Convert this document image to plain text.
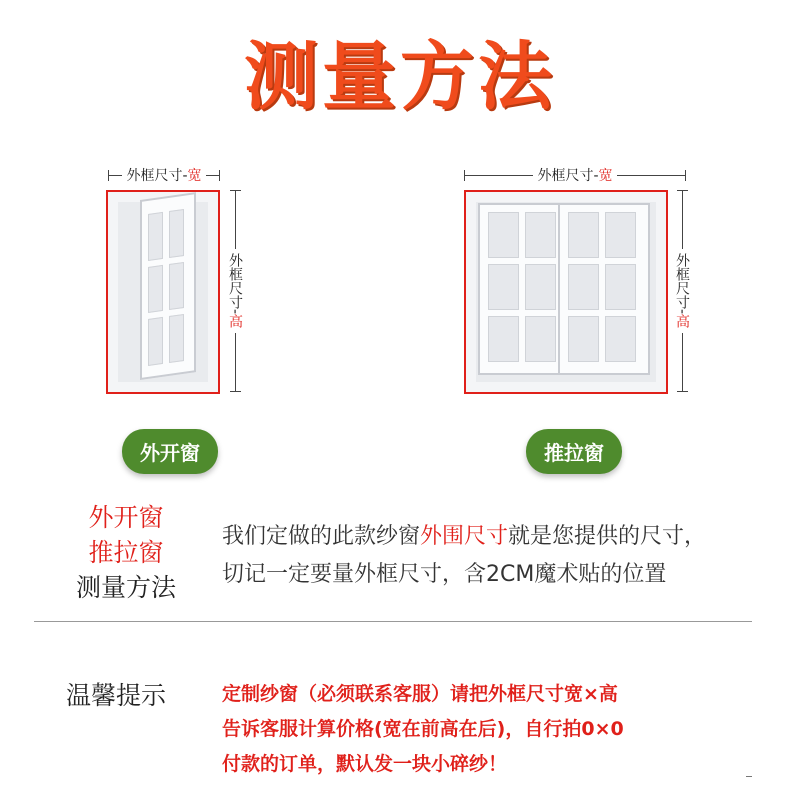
测量方法
外框尺寸-宽
外框尺寸-高
外开窗
外框尺寸-宽
外框尺寸-高
推拉窗
外开窗
推拉窗
测量方法
我们定做的此款纱窗外围尺寸就是您提供的尺寸，
切记一定要量外框尺寸，含2CM魔术贴的位置
温馨提示	定制纱窗（必须联系客服）请把外框尺寸宽×高
告诉客服计算价格(宽在前高在后)，自行拍0×0
付款的订单，默认发一块小碎纱！
